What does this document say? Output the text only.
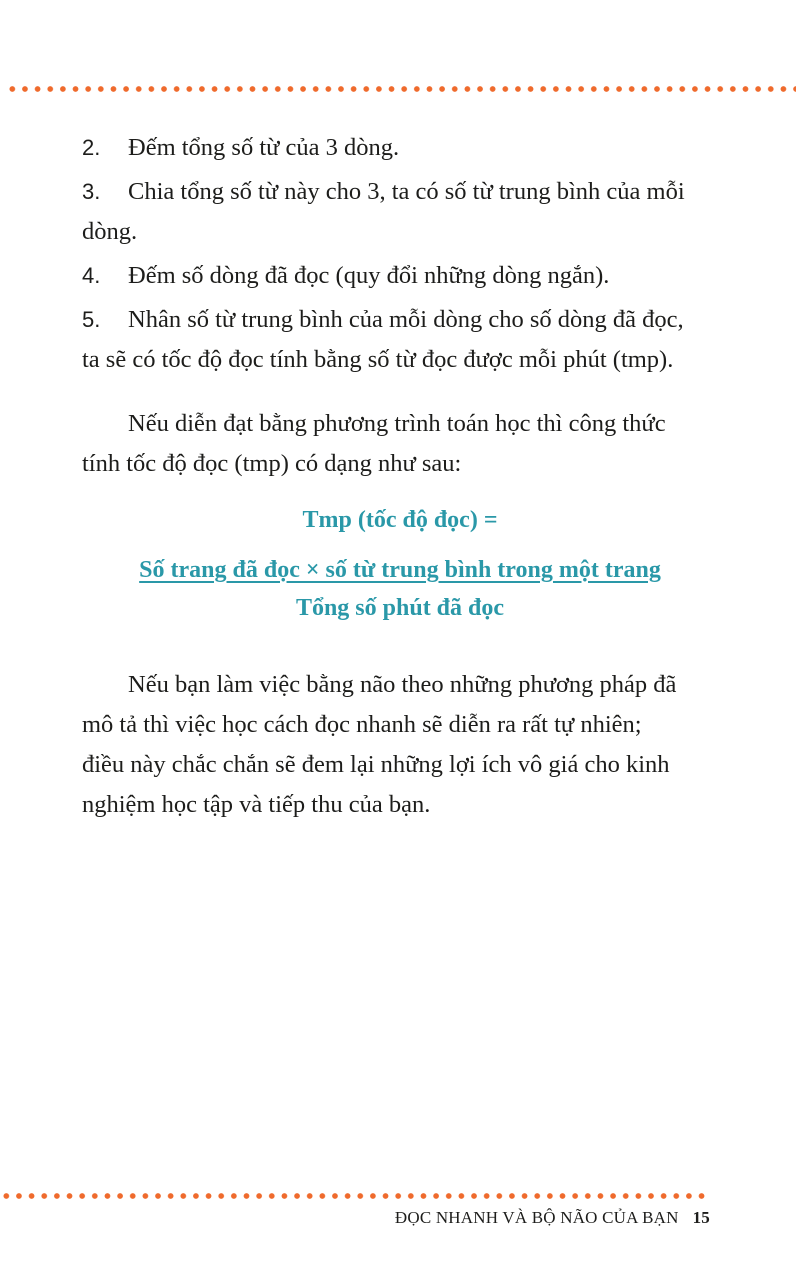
2.	Đếm tổng số từ của 3 dòng.
3.	Chia tổng số từ này cho 3, ta có số từ trung bình của mỗi
dòng.
4.	Đếm số dòng đã đọc (quy đổi những dòng ngắn).
5.	Nhân số từ trung bình của mỗi dòng cho số dòng đã đọc,
ta sẽ có tốc độ đọc tính bằng số từ đọc được mỗi phút (tmp).

Nếu diễn đạt bằng phương trình toán học thì công thức
tính tốc độ đọc (tmp) có dạng như sau:

Tmp (tốc độ đọc) =
Số trang đã đọc × số từ trung bình trong một trang
Tổng số phút đã đọc

Nếu bạn làm việc bằng não theo những phương pháp đã
mô tả thì việc học cách đọc nhanh sẽ diễn ra rất tự nhiên;
điều này chắc chắn sẽ đem lại những lợi ích vô giá cho kinh
nghiệm học tập và tiếp thu của bạn.

ĐỌC NHANH VÀ BỘ NÃO CỦA BẠN 15
